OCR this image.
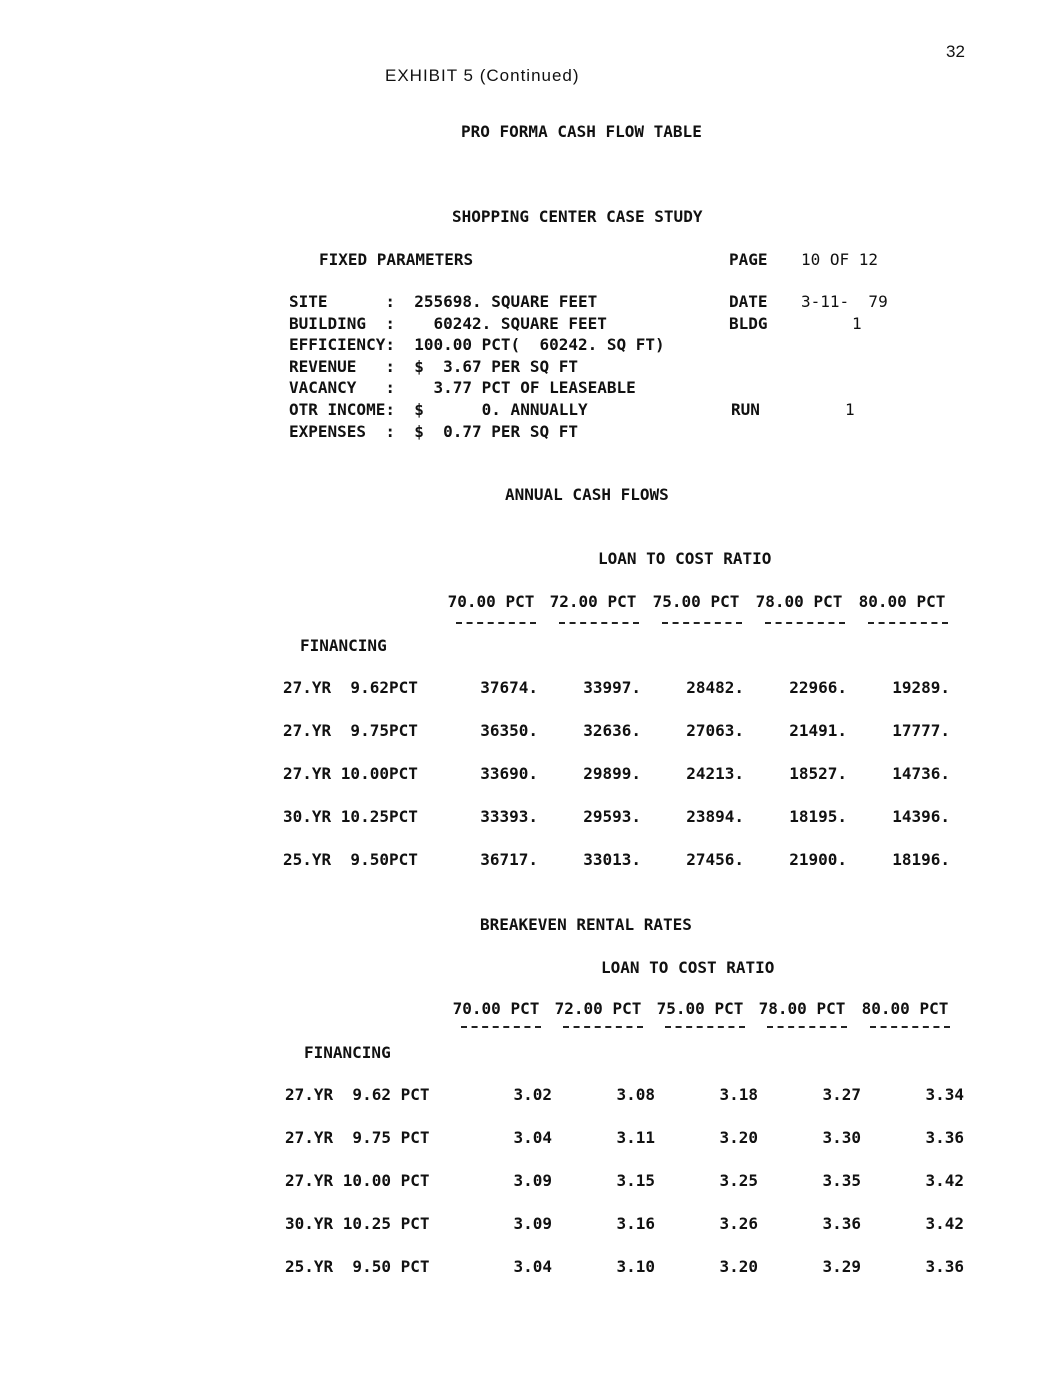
32
EXHIBIT 5 (Continued)
PRO FORMA CASH FLOW TABLE
SHOPPING CENTER CASE STUDY
FIXED PARAMETERS	PAGE 10 OF 12
SITE      :  255698. SQUARE FEET
BUILDING  :    60242. SQUARE FEET
EFFICIENCY:  100.00 PCT(  60242. SQ FT)
REVENUE   :  $  3.67 PER SQ FT
VACANCY   :    3.77 PCT OF LEASEABLE
OTR INCOME:  $      0. ANNUALLY
EXPENSES  :  $  0.77 PER SQ FT
DATE 3-11-  79
BLDG	1
RUN	1
ANNUAL CASH FLOWS
LOAN TO COST RATIO
70.00 PCT 72.00 PCT	75.00 PCT	78.00 PCT	80.00 PCT
FINANCING
27.YR  9.62PCT	37674.	33997.	28482.	22966.	19289.
27.YR  9.75PCT	36350.	32636.	27063.	21491.	17777.
27.YR 10.00PCT	33690.	29899.	24213.	18527.	14736.
30.YR 10.25PCT	33393.	29593.	23894.	18195.	14396.
25.YR  9.50PCT	36717.	33013.	27456.	21900.	18196.
BREAKEVEN RENTAL RATES
LOAN TO COST RATIO
70.00 PCT 72.00 PCT 75.00 PCT 78.00 PCT	80.00 PCT
FINANCING
27.YR  9.62 PCT	3.02	3.08	3.18	3.27	3.34
27.YR  9.75 PCT	3.04	3.11	3.20	3.30	3.36
27.YR 10.00 PCT	3.09	3.15	3.25	3.35	3.42
30.YR 10.25 PCT	3.09	3.16	3.26	3.36	3.42
25.YR  9.50 PCT	3.04	3.10	3.20	3.29	3.36
